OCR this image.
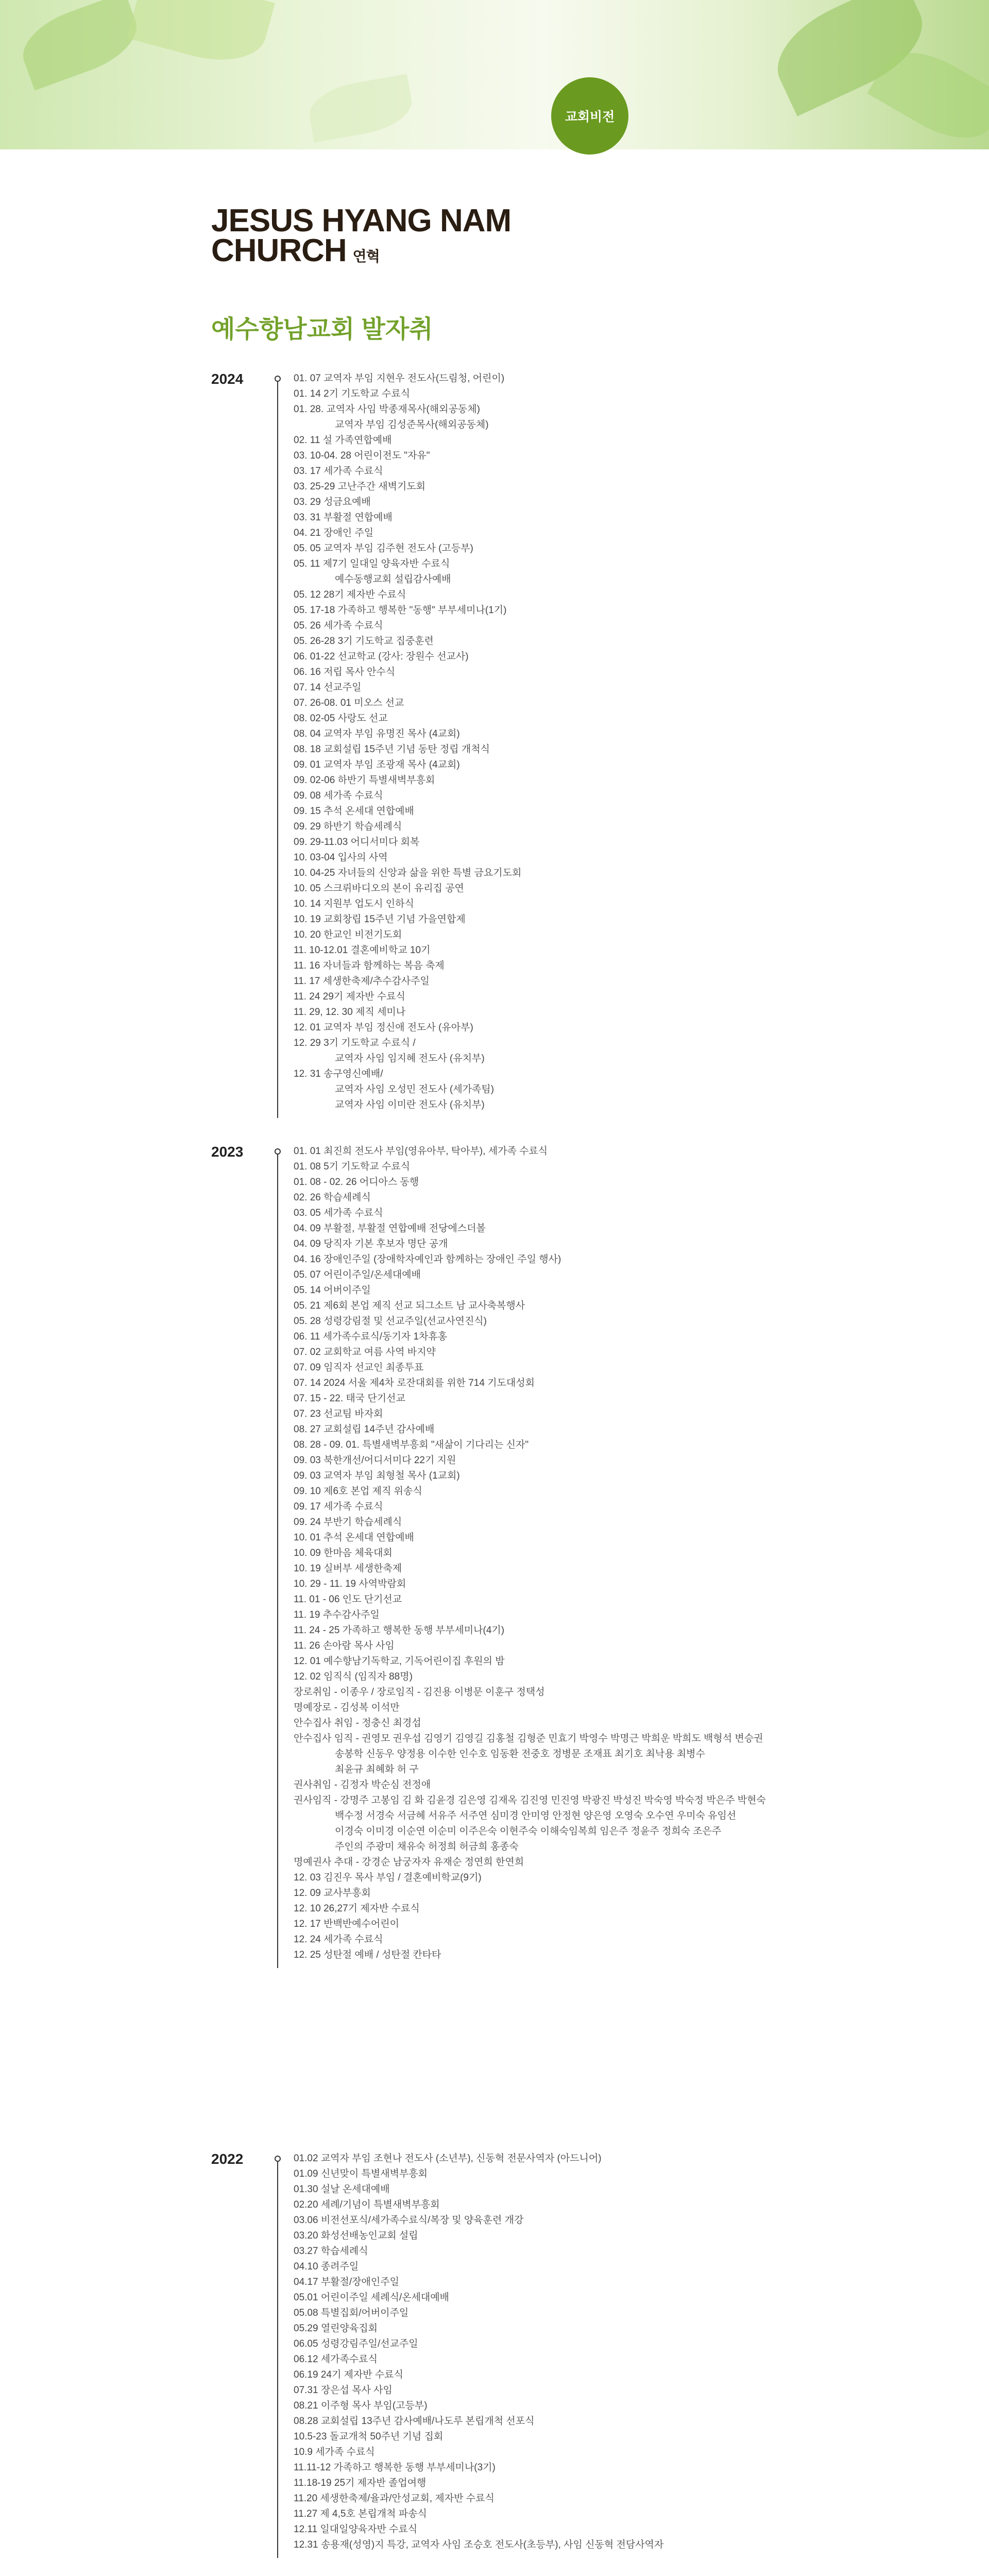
교회비전
JESUS HYANG NAM
CHURCH 연혁
예수향남교회 발자취
2024	01. 07 교역자 부임 지현우 전도사(드림청, 어린이)
01. 14 2기 기도학교 수료식
01. 28. 교역자 사임 박종재목사(해외공동체)
교역자 부임 김성준목사(해외공동체)
02. 11 설 가족연합예배
03. 10-04. 28 어린이전도 "자유"
03. 17 세가족 수료식
03. 25-29 고난주간 새벽기도회
03. 29 성금요예배
03. 31 부활절 연합예배
04. 21 장애인 주일
05. 05 교역자 부임 김주현 전도사 (고등부)
05. 11 제7기 일대일 양육자반 수료식
예수동행교회 설립감사예배
05. 12 28기 제자반 수료식
05. 17-18 가족하고 행복한 "동행" 부부세미나(1기)
05. 26 세가족 수료식
05. 26-28 3기 기도학교 집중훈련
06. 01-22 선교학교 (강사: 장원수 선교사)
06. 16 저립 목사 안수식
07. 14 선교주일
07. 26-08. 01 미오스 선교
08. 02-05 사랑도 선교
08. 04 교역자 부임 유명진 목사 (4교회)
08. 18 교회설립 15주년 기념 동탄 정립 개척식
09. 01 교역자 부임 조광재 목사 (4교회)
09. 02-06 하반기 특별새벽부흥회
09. 08 세가족 수료식
09. 15 추석 온세대 연합예배
09. 29 하반기 학습세례식
09. 29-11.03 어디서미다 회복
10. 03-04 입사의 사역
10. 04-25 자녀들의 신앙과 삶을 위한 특별 금요기도회
10. 05 스크뤼바디오의 본이 유리집 공연
10. 14 지원부 업도시 인하식
10. 19 교회창립 15주년 기념 가을연합제
10. 20 한교인 비전기도회
11. 10-12.01 결혼예비학교 10기
11. 16 자녀들과 함께하는 복음 축제
11. 17 세생한축제/추수감사주일
11. 24 29기 제자반 수료식
11. 29, 12. 30 제직 세미나
12. 01 교역자 부임 정신애 전도사 (유아부)
12. 29 3기 기도학교 수료식 /
교역자 사임 임지혜 전도사 (유치부)
12. 31 송구영신예배/
교역자 사임 오성민 전도사 (세가족팀)
교역자 사임 이미란 전도사 (유치부)
2023	01. 01 최진희 전도사 부임(영유아부, 탁아부), 세가족 수료식
01. 08 5기 기도학교 수료식
01. 08 - 02. 26 어디아스 동행
02. 26 학습세례식
03. 05 세가족 수료식
04. 09 부활절, 부활절 연합예배 전당에스더볼
04. 09 당직자 기본 후보자 명단 공개
04. 16 장애인주일 (장애학자예인과 함께하는 장애인 주일 행사)
05. 07 어린이주일/온세대예배
05. 14 어버이주일
05. 21 제6회 본업 제직 선교 되그소트 남 교사축복행사
05. 28 성령강림절 및 선교주일(선교사연진식)
06. 11 세가족수료식/동기자 1차휴홍
07. 02 교회학교 여름 사역 바지약
07. 09 임직자 선교인 최종투표
07. 14 2024 서울 제4차 로잔대회를 위한 714 기도대성회
07. 15 - 22. 태국 단기선교
07. 23 선교팀 바자회
08. 27 교회설립 14주년 감사예배
08. 28 - 09. 01. 특별새벽부흥회 "새삶이 기다리는 신자"
09. 03 북한개선/어디서미다 22기 지원
09. 03 교역자 부임 최형철 목사 (1교회)
09. 10 제6호 본업 제직 위송식
09. 17 세가족 수료식
09. 24 부반기 학습세례식
10. 01 추석 온세대 연합예배
10. 09 한마음 체육대회
10. 19 실버부 세생한축제
10. 29 - 11. 19 사역박람회
11. 01 - 06 인도 단기선교
11. 19 추수감사주일
11. 24 - 25 가족하고 행복한 동행 부부세미나(4기)
11. 26 손아람 목사 사임
12. 01 예수향남기독학교, 기독어린이집 후원의 밤
12. 02 임직식 (임직자 88명)
장로취임 - 이종우 / 장로임직 - 김진용 이병문 이훈구 정택성
명예장로 - 김성복 이석만
안수집사 취임 - 정충신 최경섭
안수집사 임직 - 권영모 권우섭 김영기 김영길 김홍철 김형준 민효기 박영수 박명근 박희운 박희도 백형석 변승권
송봉학 신동우 양정용 이수한 인수호 임동환 전중호 정병문 조재표 최기호 최낙용 최병수
최윤규 최혜화 허 구
권사취임 - 김정자 박순심 전정애
권사임직 - 강명주 고봉임 김 화 김윤경 김은영 김재옥 김진영 민진영 박광진 박성진 박숙영 박숙정 박은주 박현숙
백수정 서경숙 서금혜 서유주 서주연 심미경 안미영 안정현 양은영 오영숙 오수연 우미숙 유임선
이경숙 이미경 이순연 이순미 이주은숙 이현주숙 이해숙임복희 임은주 정윤주 정희숙 조은주
주인의 주광미 채유숙 허정희 허금희 홍종숙
명예권사 추대 - 강경순 남궁자자 유재순 정연희 한연희
12. 03 김진우 목사 부임 / 결혼예비학교(9기)
12. 09 교사부흥회
12. 10 26,27기 제자반 수료식
12. 17 반백반예수어린이
12. 24 세가족 수료식
12. 25 성탄절 예배 / 성탄절 칸타타
2022	01.02 교역자 부임 조현나 전도사 (소년부), 신동혁 전문사역자 (아드니어)
01.09 신년맞이 특별새벽부흥회
01.30 설날 온세대예배
02.20 세례/기념이 특별새벽부흥회
03.06 비전선포식/세가족수료식/복장 및 양육훈련 개강
03.20 화성선배농인교회 설립
03.27 학습세례식
04.10 종려주일
04.17 부활절/장애인주일
05.01 어린이주일 세례식/온세대예배
05.08 특별집회/어버이주일
05.29 열린양육집회
06.05 성령강림주일/선교주일
06.12 세가족수료식
06.19 24기 제자반 수료식
07.31 장은섭 목사 사임
08.21 이주형 목사 부임(고등부)
08.28 교회설립 13주년 감사예배/나도루 본립개척 선포식
10.5-23 돌교개척 50주년 기념 집회
10.9 세가족 수료식
11.11-12 가족하고 행복한 동행 부부세미나(3기)
11.18-19 25기 제자반 졸업여행
11.20 세생한축제/율과/안성교회, 제자반 수료식
11.27 제 4,5호 본립개척 파송식
12.11 일대일양육자반 수료식
12.31 송용재(성영)지 특강, 교역자 사임 조승호 전도사(초등부), 사임 신동혁 전담사역자
